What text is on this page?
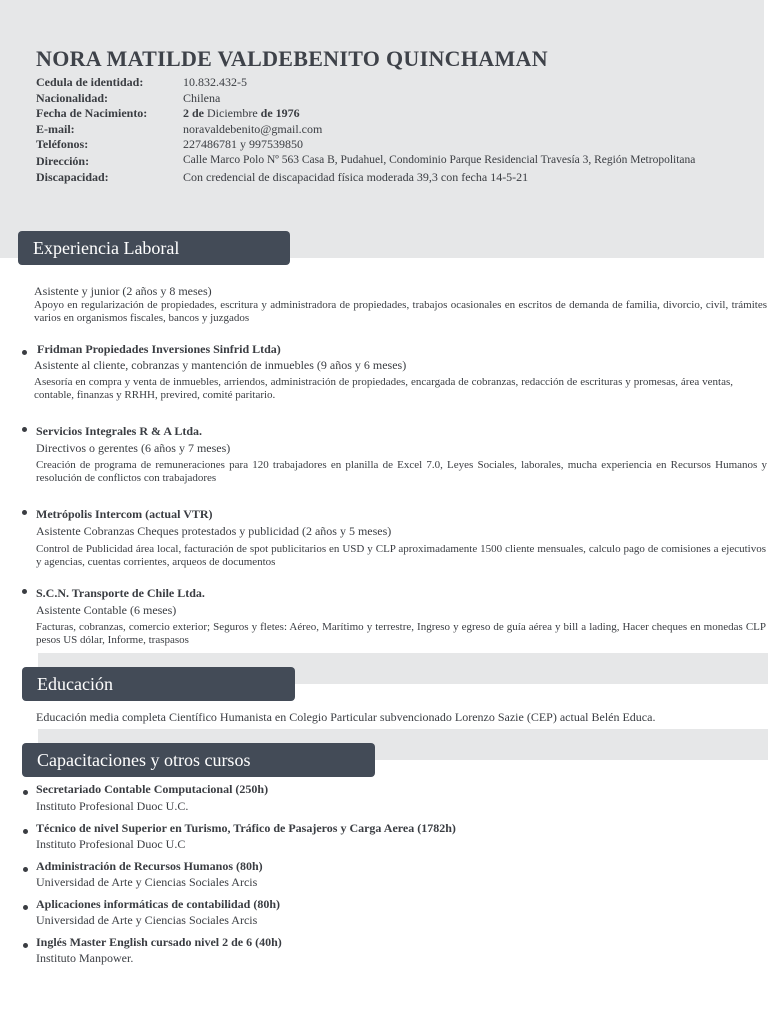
NORA MATILDE VALDEBENITO QUINCHAMAN
Cedula de identidad:	10.832.432-5
Nacionalidad:	Chilena
Fecha de Nacimiento:	2 de Diciembre de 1976
E-mail:	noravaldebenito@gmail.com
Teléfonos:	227486781 y 997539850
Dirección:	Calle Marco Polo Nº 563 Casa B, Pudahuel, Condominio Parque Residencial Travesía 3, Región Metropolitana
Discapacidad:	Con credencial de discapacidad física moderada 39,3 con fecha 14-5-21
Experiencia Laboral
Asistente y junior (2 años y 8 meses)
Apoyo en regularización de propiedades, escritura y administradora de propiedades, trabajos ocasionales en escritos de demanda de familia, divorcio, civil, trámites varios en organismos fiscales, bancos y juzgados
Fridman Propiedades Inversiones Sinfrid Ltda)
Asistente al cliente, cobranzas y mantención de inmuebles (9 años y 6 meses)
Asesoría en compra y venta de inmuebles, arriendos, administración de propiedades, encargada de cobranzas, redacción de escrituras y promesas, área ventas, contable, finanzas y RRHH, previred, comité paritario.
Servicios Integrales R & A Ltda.
Directivos o gerentes (6 años y 7 meses)
Creación de programa de remuneraciones para 120 trabajadores en planilla de Excel 7.0, Leyes Sociales, laborales, mucha experiencia en Recursos Humanos y resolución de conflictos con trabajadores
Metrópolis Intercom (actual VTR)
Asistente Cobranzas Cheques protestados y publicidad (2 años y 5 meses)
Control de Publicidad área local, facturación de spot publicitarios en USD y CLP aproximadamente 1500 cliente mensuales, calculo pago de comisiones a ejecutivos y agencias, cuentas corrientes, arqueos de documentos
S.C.N. Transporte de Chile Ltda.
Asistente Contable (6 meses)
Facturas, cobranzas, comercio exterior; Seguros y fletes: Aéreo, Marítimo y terrestre, Ingreso y egreso de guía aérea y bill a lading, Hacer cheques en monedas CLP pesos US dólar, Informe, traspasos
Educación
Educación media completa Científico Humanista en Colegio Particular subvencionado Lorenzo Sazie (CEP) actual Belén Educa.
Capacitaciones y otros cursos
Secretariado Contable Computacional (250h)
Instituto Profesional Duoc U.C.
Técnico de nivel Superior en Turismo, Tráfico de Pasajeros y Carga Aerea (1782h)
Instituto Profesional Duoc U.C
Administración de Recursos Humanos (80h)
Universidad de Arte y Ciencias Sociales Arcis
Aplicaciones informáticas de contabilidad (80h)
Universidad de Arte y Ciencias Sociales Arcis
Inglés Master English cursado nivel 2 de 6 (40h)
Instituto Manpower.
